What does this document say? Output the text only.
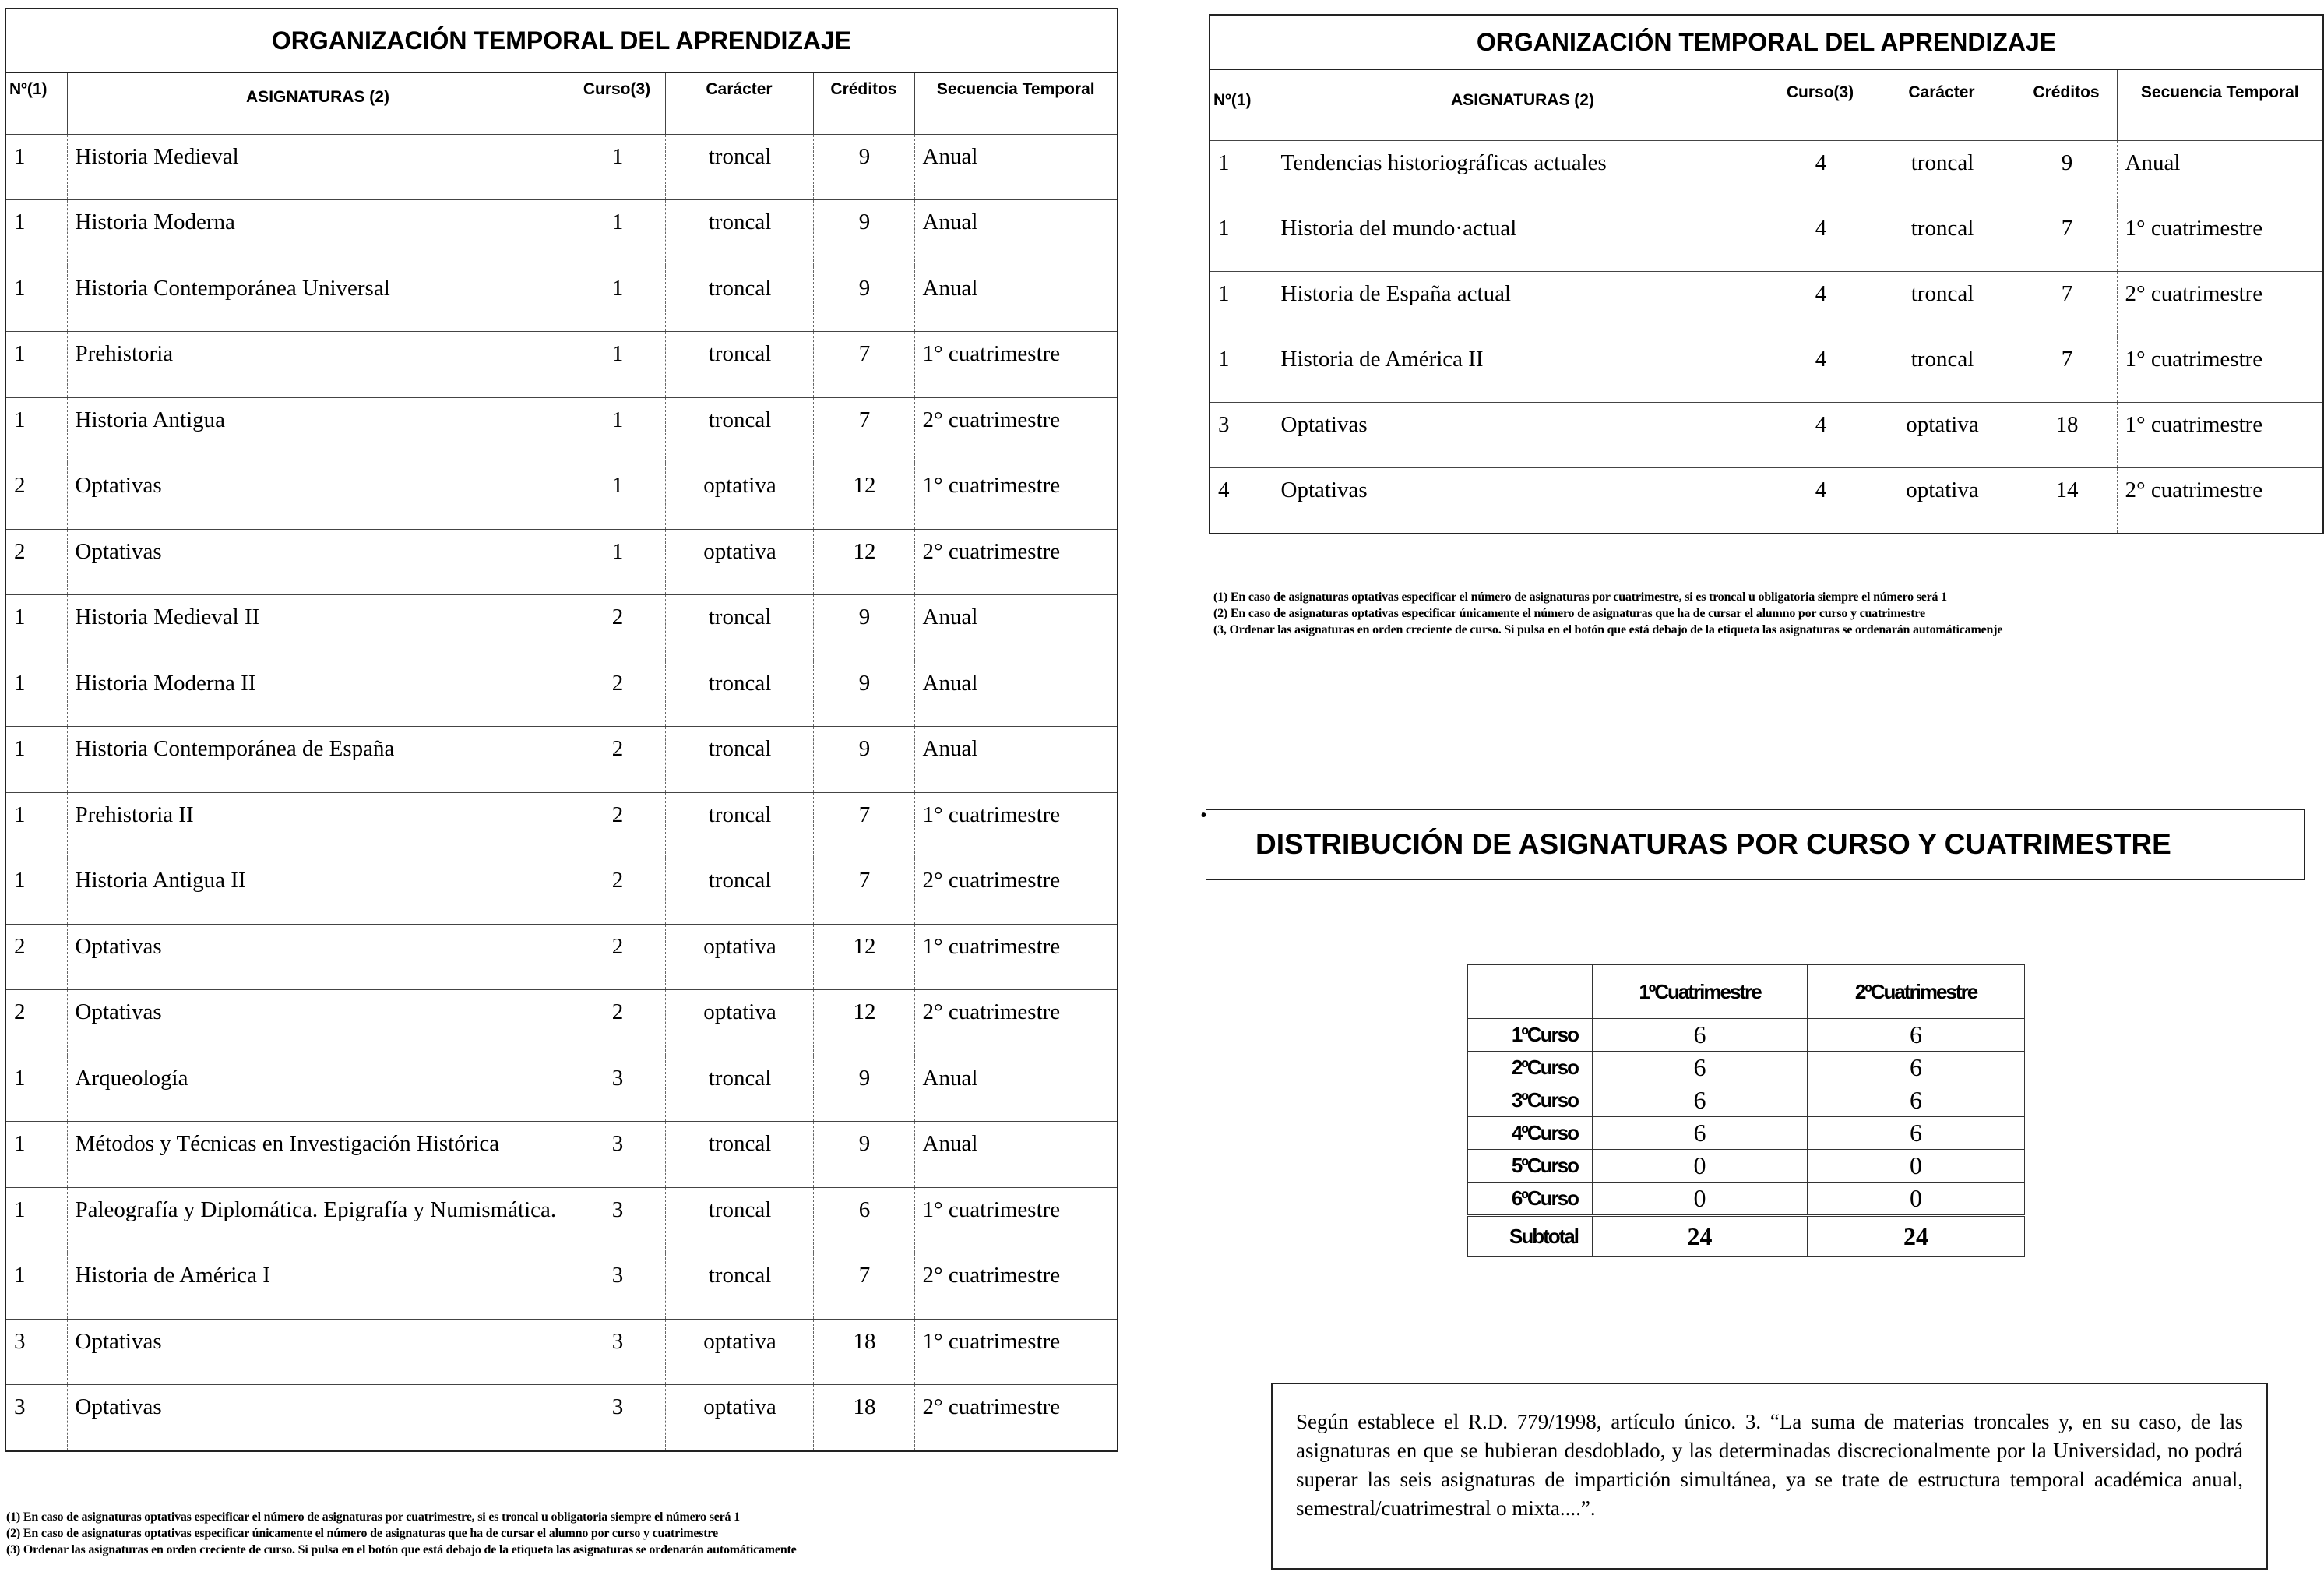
ORGANIZACIÓN TEMPORAL DEL APRENDIZAJE
Nº(1)	ASIGNATURAS (2)	Curso(3)	Carácter	Créditos	Secuencia Temporal
1	Historia Medieval	1	troncal	9	Anual
1	Historia Moderna	1	troncal	9	Anual
1	Historia Contemporánea Universal	1	troncal	9	Anual
1	Prehistoria	1	troncal	7	1° cuatrimestre
1	Historia Antigua	1	troncal	7	2° cuatrimestre
2	Optativas	1	optativa	12	1° cuatrimestre
2	Optativas	1	optativa	12	2° cuatrimestre
1	Historia Medieval II	2	troncal	9	Anual
1	Historia Moderna II	2	troncal	9	Anual
1	Historia Contemporánea de España	2	troncal	9	Anual
1	Prehistoria II	2	troncal	7	1° cuatrimestre
1	Historia Antigua II	2	troncal	7	2° cuatrimestre
2	Optativas	2	optativa	12	1° cuatrimestre
2	Optativas	2	optativa	12	2° cuatrimestre
1	Arqueología	3	troncal	9	Anual
1	Métodos y Técnicas en Investigación Histórica	3	troncal	9	Anual
1	Paleografía y Diplomática. Epigrafía y Numismática.	3	troncal	6	1° cuatrimestre
1	Historia de América I	3	troncal	7	2° cuatrimestre
3	Optativas	3	optativa	18	1° cuatrimestre
3	Optativas	3	optativa	18	2° cuatrimestre
(1) En caso de asignaturas optativas especificar el número de asignaturas por cuatrimestre, si es troncal u obligatoria siempre el número será 1
(2) En caso de asignaturas optativas especificar únicamente el número de asignaturas que ha de cursar el alumno por curso y cuatrimestre
(3) Ordenar las asignaturas en orden creciente de curso. Si pulsa en el botón que está debajo de la etiqueta las asignaturas se ordenarán automáticamente
ORGANIZACIÓN TEMPORAL DEL APRENDIZAJE
Nº(1)	ASIGNATURAS (2)	Curso(3)	Carácter	Créditos	Secuencia Temporal
1	Tendencias historiográficas actuales	4	troncal	9	Anual
1	Historia del mundo·actual	4	troncal	7	1° cuatrimestre
1	Historia de España actual	4	troncal	7	2° cuatrimestre
1	Historia de América II	4	troncal	7	1° cuatrimestre
3	Optativas	4	optativa	18	1° cuatrimestre
4	Optativas	4	optativa	14	2° cuatrimestre
(1) En caso de asignaturas optativas especificar el número de asignaturas por cuatrimestre, si es troncal u obligatoria siempre el número será 1
(2) En caso de asignaturas optativas especificar únicamente el número de asignaturas que ha de cursar el alumno por curso y cuatrimestre
(3, Ordenar las asignaturas en orden creciente de curso. Si pulsa en el botón que está debajo de la etiqueta las asignaturas se ordenarán automáticamenje
•
DISTRIBUCIÓN DE ASIGNATURAS POR CURSO Y CUATRIMESTRE
	1ºCuatrimestre	2ºCuatrimestre
1ºCurso	6	6
2ºCurso	6	6
3ºCurso	6	6
4ºCurso	6	6
5ºCurso	0	0
6ºCurso	0	0
Subtotal	24	24
Según establece el R.D. 779/1998, artículo único. 3. “La suma de materias troncales y, en su caso, de las asignaturas en que se hubieran desdoblado, y las determinadas discrecionalmente por la Universidad, no podrá superar las seis asignaturas de impartición simultánea, ya se trate de estructura temporal académica anual, semestral/cuatrimestral o mixta....”.
